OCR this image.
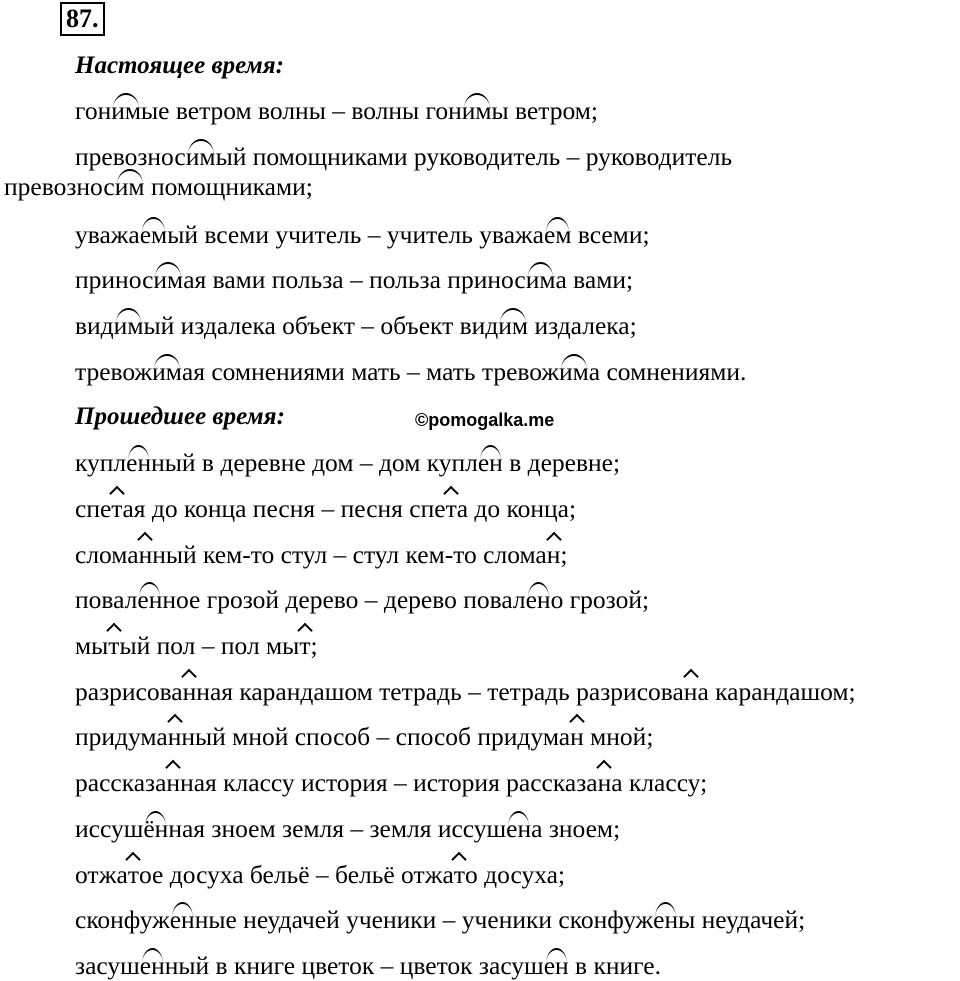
87.
Настоящее время:
гонимые ветром волны – волны гонимы ветром;
превозносимый помощниками руководитель – руководитель
превозносим помощниками;
уважаемый всеми учитель – учитель уважаем всеми;
приносимая вами польза – польза приносима вами;
видимый издалека объект – объект видим издалека;
тревожимая сомнениями мать – мать тревожима сомнениями.
Прошедшее время:	©pomogalka.me
купленный в деревне дом – дом куплен в деревне;
спетая до конца песня – песня спета до конца;
сломанный кем-то стул – стул кем-то сломан;
поваленное грозой дерево – дерево повалено грозой;
мытый пол – пол мыт;
разрисованная карандашом тетрадь – тетрадь разрисована карандашом;
придуманный мной способ – способ придуман мной;
рассказанная классу история – история рассказана классу;
иссушённая зноем земля – земля иссушена зноем;
отжатое досуха бельё – бельё отжато досуха;
сконфуженные неудачей ученики – ученики сконфужены неудачей;
засушенный в книге цветок – цветок засушен в книге.
